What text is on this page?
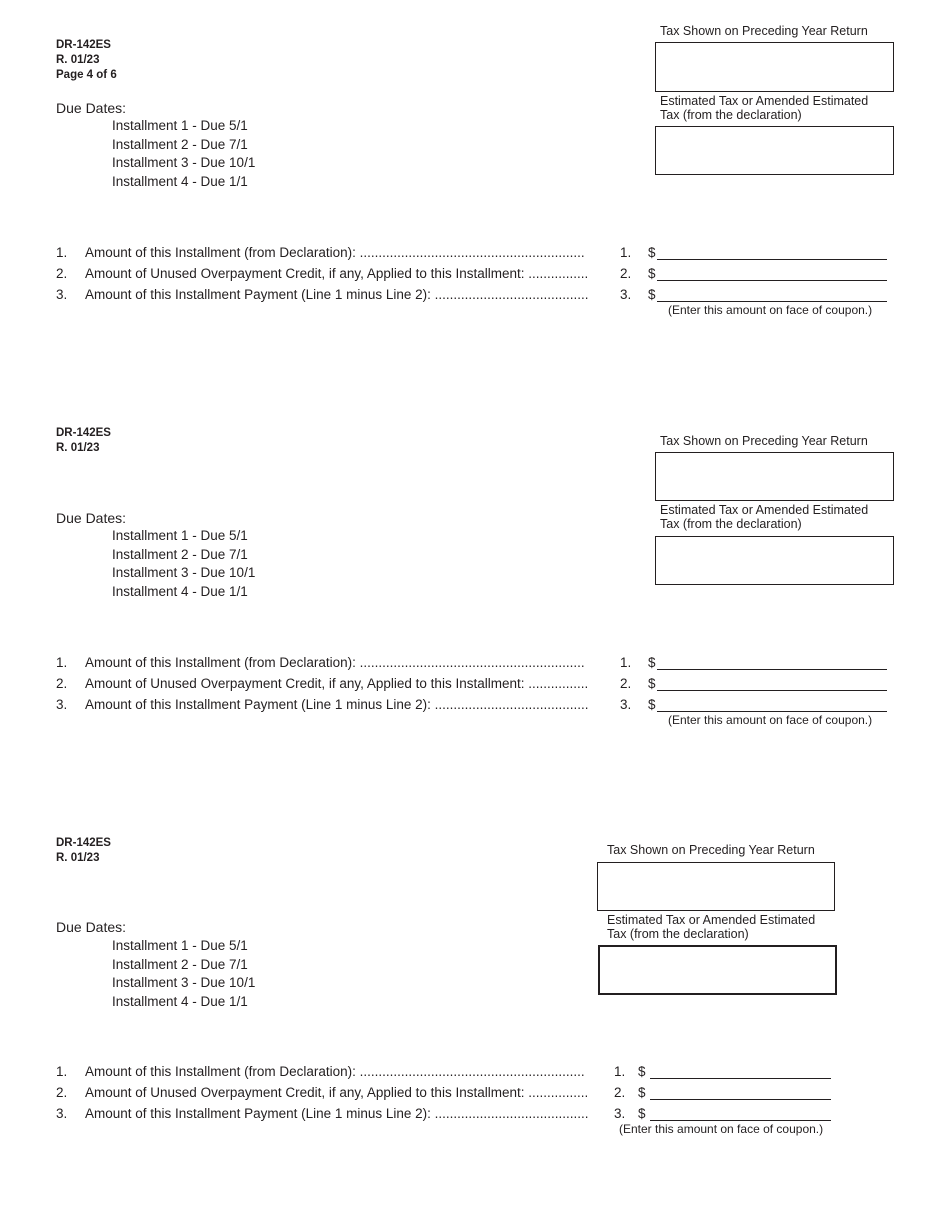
DR-142ES
R. 01/23
Page 4 of 6
Due Dates:
Installment 1 - Due 5/1
Installment 2 - Due 7/1
Installment 3 - Due 10/1
Installment 4 - Due 1/1
Tax Shown on Preceding Year Return
Estimated Tax or Amended Estimated
Tax (from the declaration)
1. Amount of this Installment (from Declaration): ............................................................	1. $
2. Amount of Unused Overpayment Credit, if any, Applied to this Installment: ................ 2. $
3. Amount of this Installment Payment (Line 1 minus Line 2): ......................................... 3. $
(Enter this amount on face of coupon.)
DR-142ES
R. 01/23
Due Dates:
Installment 1 - Due 5/1
Installment 2 - Due 7/1
Installment 3 - Due 10/1
Installment 4 - Due 1/1
Tax Shown on Preceding Year Return
Estimated Tax or Amended Estimated
Tax (from the declaration)
1. Amount of this Installment (from Declaration): ............................................................	1. $
2. Amount of Unused Overpayment Credit, if any, Applied to this Installment: ................ 2. $
3. Amount of this Installment Payment (Line 1 minus Line 2): ......................................... 3. $
(Enter this amount on face of coupon.)
DR-142ES
R. 01/23
Due Dates:
Installment 1 - Due 5/1
Installment 2 - Due 7/1
Installment 3 - Due 10/1
Installment 4 - Due 1/1
Tax Shown on Preceding Year Return
Estimated Tax or Amended Estimated
Tax (from the declaration)
1. Amount of this Installment (from Declaration): ............................................................ 1. $
2. Amount of Unused Overpayment Credit, if any, Applied to this Installment: ................ 2. $
3. Amount of this Installment Payment (Line 1 minus Line 2): ......................................... 3. $
(Enter this amount on face of coupon.)
